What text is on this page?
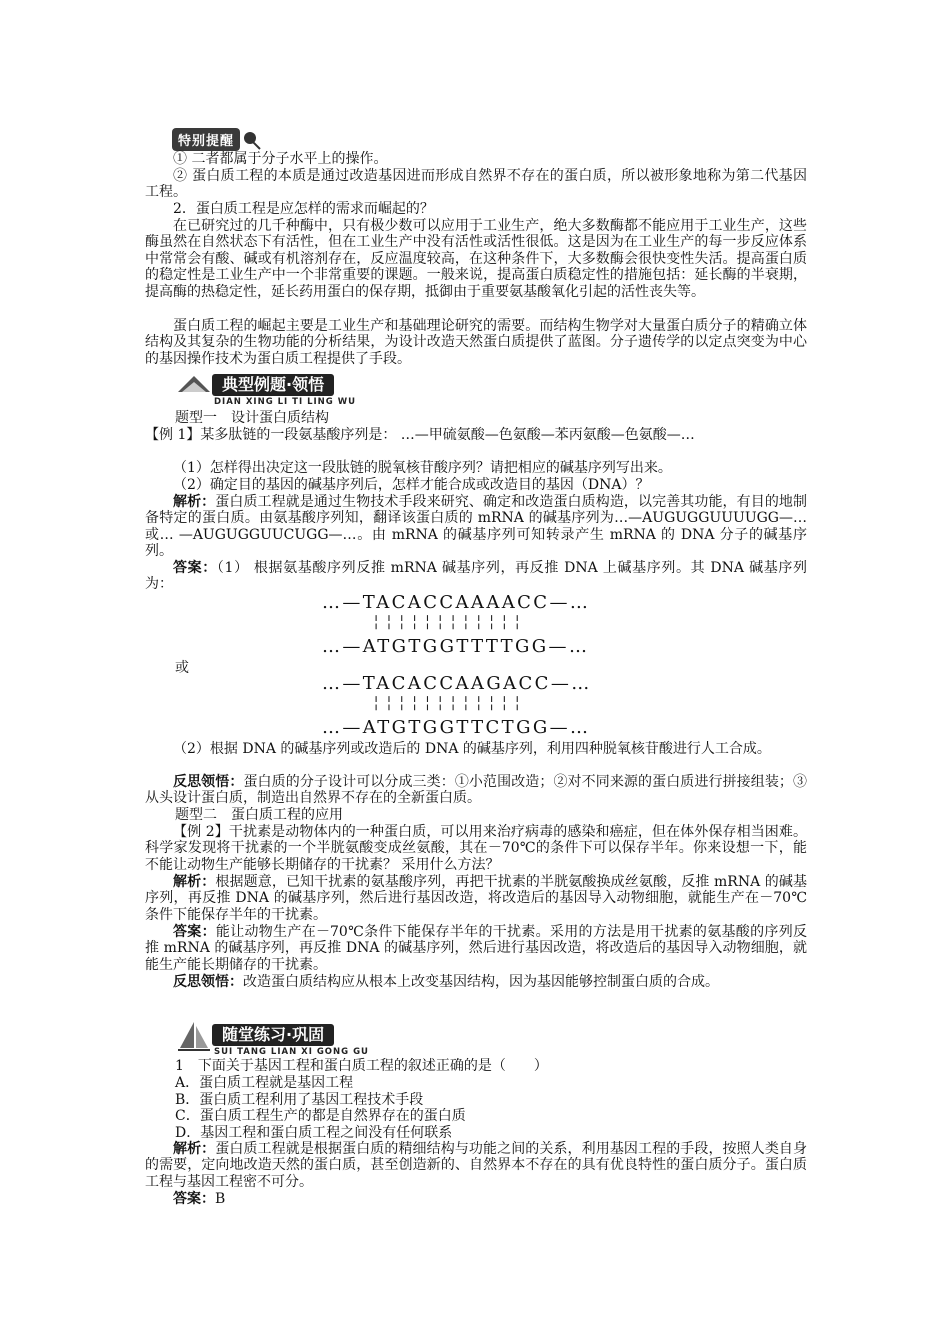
特别提醒

① 二者都属于分子水平上的操作。

② 蛋白质工程的本质是通过改造基因进而形成自然界不存在的蛋白质，所以被形象地称为第二代基因工程。

2．蛋白质工程是应怎样的需求而崛起的？

在已研究过的几千种酶中，只有极少数可以应用于工业生产，绝大多数酶都不能应用于工业生产，这些酶虽然在自然状态下有活性，但在工业生产中没有活性或活性很低。这是因为在工业生产的每一步反应体系中常常会有酸、碱或有机溶剂存在，反应温度较高，在这种条件下，大多数酶会很快变性失活。提高蛋白质的稳定性是工业生产中一个非常重要的课题。一般来说，提高蛋白质稳定性的措施包括：延长酶的半衰期，提高酶的热稳定性，延长药用蛋白的保存期，抵御由于重要氨基酸氧化引起的活性丧失等。

蛋白质工程的崛起主要是工业生产和基础理论研究的需要。而结构生物学对大量蛋白质分子的精确立体结构及其复杂的生物功能的分析结果，为设计改造天然蛋白质提供了蓝图。分子遗传学的以定点突变为中心的基因操作技术为蛋白质工程提供了手段。

典型例题·领悟
DIAN XING LI TI LING WU

题型一　设计蛋白质结构

【例 1】某多肽链的一段氨基酸序列是： …—甲硫氨酸—色氨酸—苯丙氨酸—色氨酸—…

（1）怎样得出决定这一段肽链的脱氧核苷酸序列？请把相应的碱基序列写出来。

（2）确定目的基因的碱基序列后，怎样才能合成或改造目的基因（DNA）？

解析：蛋白质工程就是通过生物技术手段来研究、确定和改造蛋白质构造，以完善其功能，有目的地制备特定的蛋白质。由氨基酸序列知，翻译该蛋白质的 mRNA 的碱基序列为…—AUGUGGUUUUGG—…或… —AUGUGGUUCUGG—…。由 mRNA 的碱基序列可知转录产生 mRNA 的 DNA 分子的碱基序列。

答案：（1） 根据氨基酸序列反推 mRNA 碱基序列，再反推 DNA 上碱基序列。其 DNA 碱基序列为：

…—TACACCAAAACC—…
╎╎╎╎╎╎╎╎╎╎╎╎
…—ATGTGGTTTTGG—…

或

…—TACACCAAGACC—…
╎╎╎╎╎╎╎╎╎╎╎╎
…—ATGTGGTTCTGG—…

（2）根据 DNA 的碱基序列或改造后的 DNA 的碱基序列，利用四种脱氧核苷酸进行人工合成。

反思领悟：蛋白质的分子设计可以分成三类：①小范围改造；②对不同来源的蛋白质进行拼接组装；③从头设计蛋白质，制造出自然界不存在的全新蛋白质。

题型二　蛋白质工程的应用

【例 2】干扰素是动物体内的一种蛋白质，可以用来治疗病毒的感染和癌症，但在体外保存相当困难。科学家发现将干扰素的一个半胱氨酸变成丝氨酸，其在－70℃的条件下可以保存半年。你来设想一下，能不能让动物生产能够长期储存的干扰素？ 采用什么方法？

解析：根据题意，已知干扰素的氨基酸序列，再把干扰素的半胱氨酸换成丝氨酸，反推 mRNA 的碱基序列，再反推 DNA 的碱基序列，然后进行基因改造，将改造后的基因导入动物细胞，就能生产在－70℃条件下能保存半年的干扰素。

答案：能让动物生产在－70℃条件下能保存半年的干扰素。采用的方法是用干扰素的氨基酸的序列反推 mRNA 的碱基序列，再反推 DNA 的碱基序列，然后进行基因改造，将改造后的基因导入动物细胞，就能生产能长期储存的干扰素。

反思领悟：改造蛋白质结构应从根本上改变基因结构，因为基因能够控制蛋白质的合成。

随堂练习·巩固
SUI TANG LIAN XI GONG GU

1　下面关于基因工程和蛋白质工程的叙述正确的是（　　）

A．蛋白质工程就是基因工程

B．蛋白质工程利用了基因工程技术手段

C．蛋白质工程生产的都是自然界存在的蛋白质

D．基因工程和蛋白质工程之间没有任何联系

解析：蛋白质工程就是根据蛋白质的精细结构与功能之间的关系，利用基因工程的手段，按照人类自身的需要，定向地改造天然的蛋白质，甚至创造新的、自然界本不存在的具有优良特性的蛋白质分子。蛋白质工程与基因工程密不可分。

答案：B
